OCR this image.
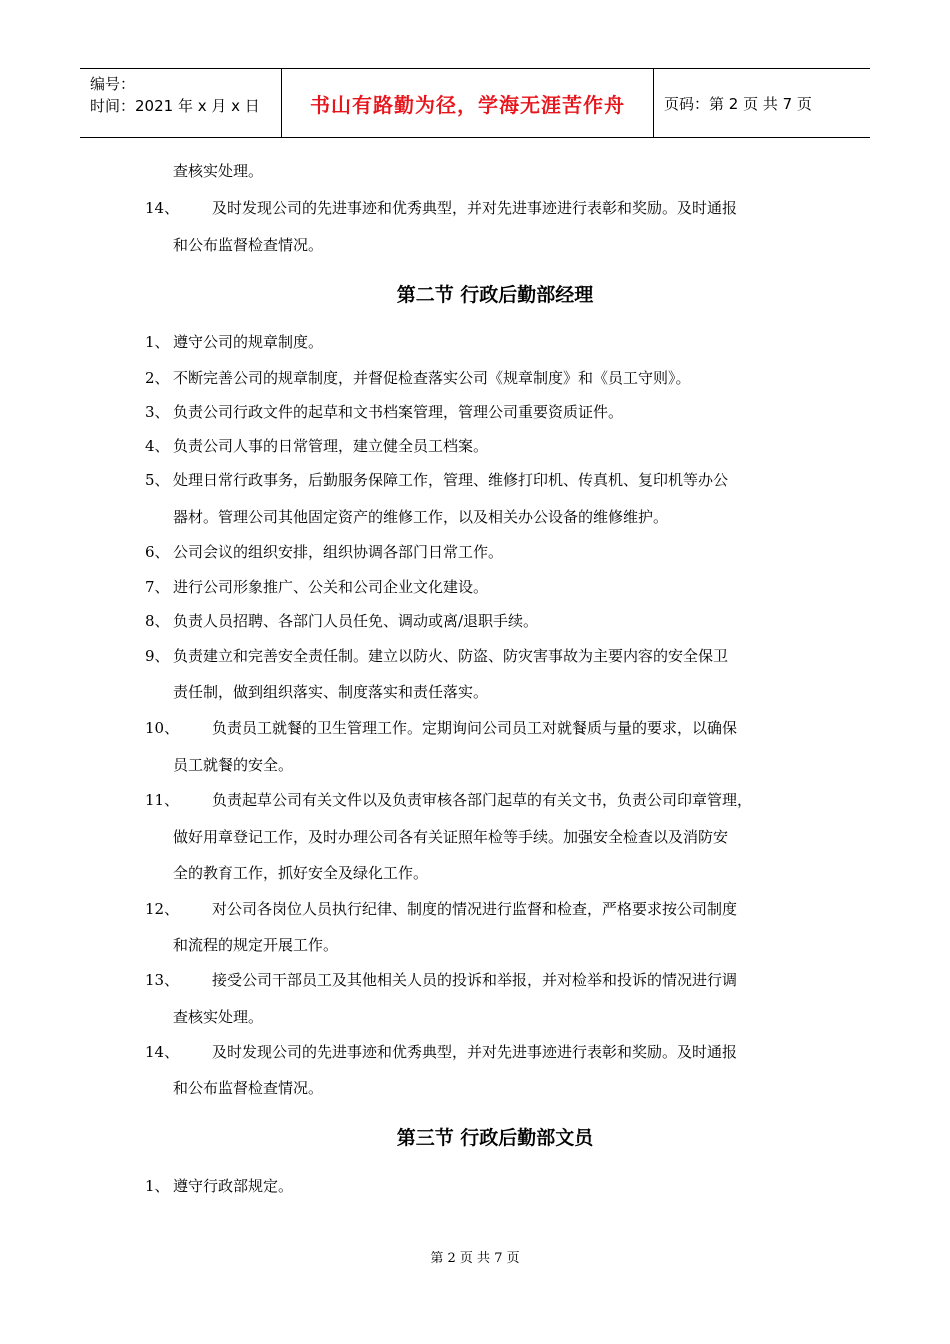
编号：
时间：2021 年 x 月 x 日	书山有路勤为径，学海无涯苦作舟	页码：第 2 页 共 7 页
查核实处理。
14、 及时发现公司的先进事迹和优秀典型，并对先进事迹进行表彰和奖励。及时通报
和公布监督检查情况。
第二节 行政后勤部经理
1、 遵守公司的规章制度。
2、 不断完善公司的规章制度，并督促检查落实公司《规章制度》和《员工守则》。
3、 负责公司行政文件的起草和文书档案管理，管理公司重要资质证件。
4、 负责公司人事的日常管理，建立健全员工档案。
5、 处理日常行政事务，后勤服务保障工作，管理、维修打印机、传真机、复印机等办公
器材。管理公司其他固定资产的维修工作，以及相关办公设备的维修维护。
6、 公司会议的组织安排，组织协调各部门日常工作。
7、 进行公司形象推广、公关和公司企业文化建设。
8、 负责人员招聘、各部门人员任免、调动或离/退职手续。
9、 负责建立和完善安全责任制。建立以防火、防盗、防灾害事故为主要内容的安全保卫
责任制，做到组织落实、制度落实和责任落实。
10、 负责员工就餐的卫生管理工作。定期询问公司员工对就餐质与量的要求，以确保
员工就餐的安全。
11、 负责起草公司有关文件以及负责审核各部门起草的有关文书，负责公司印章管理，
做好用章登记工作，及时办理公司各有关证照年检等手续。加强安全检查以及消防安
全的教育工作，抓好安全及绿化工作。
12、 对公司各岗位人员执行纪律、制度的情况进行监督和检查，严格要求按公司制度
和流程的规定开展工作。
13、 接受公司干部员工及其他相关人员的投诉和举报，并对检举和投诉的情况进行调
查核实处理。
14、 及时发现公司的先进事迹和优秀典型，并对先进事迹进行表彰和奖励。及时通报
和公布监督检查情况。
第三节 行政后勤部文员
1、 遵守行政部规定。
第 2 页 共 7 页
